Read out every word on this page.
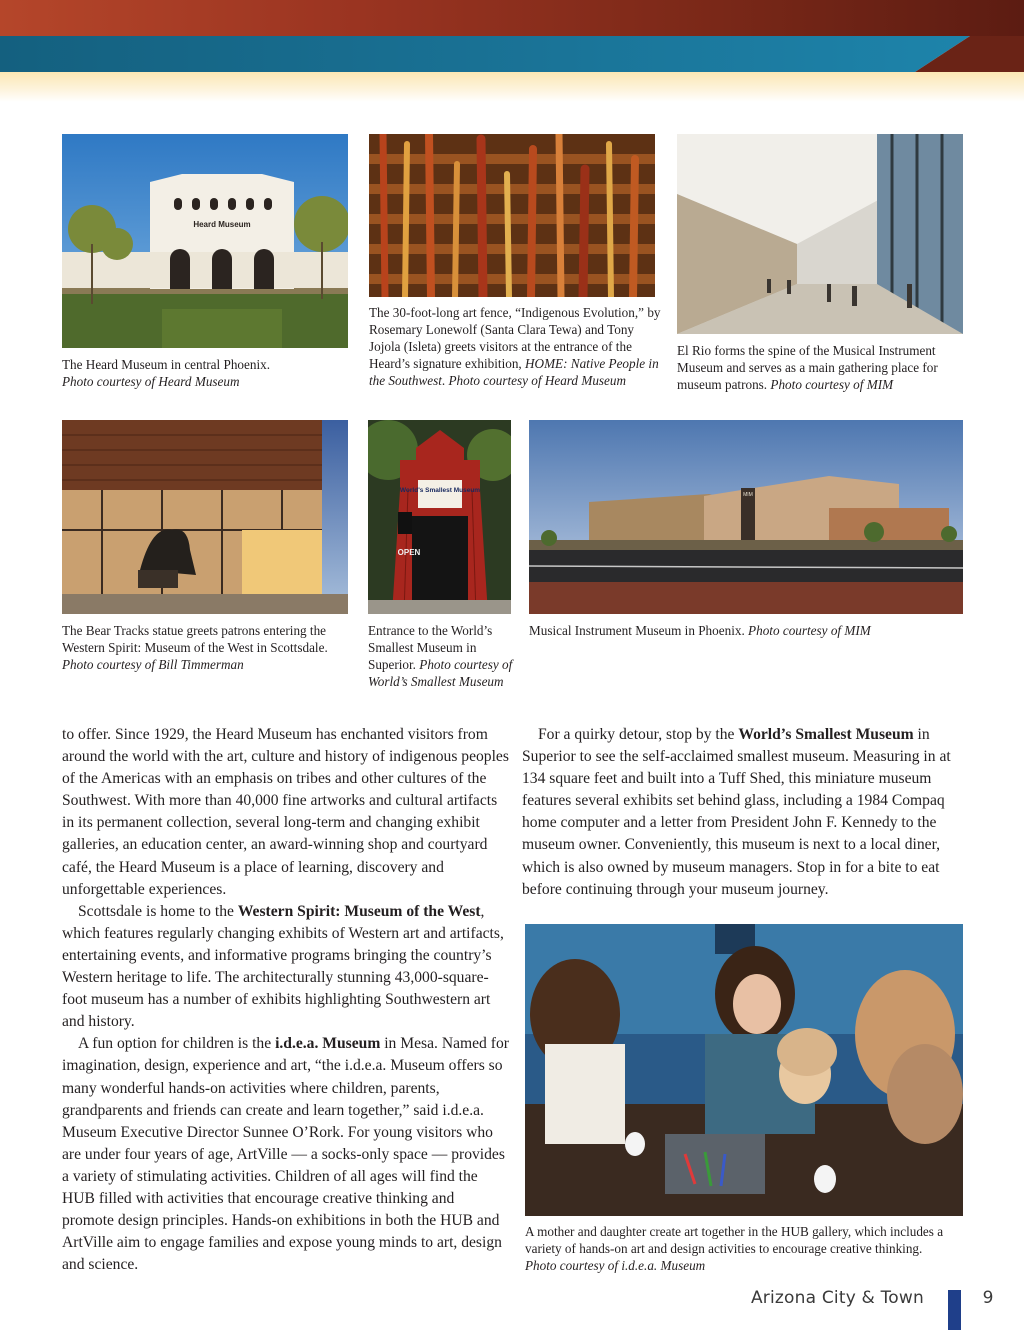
Heard Museum
The Heard Museum in central Phoenix.
Photo courtesy of Heard Museum
The 30-foot-long art fence, “Indigenous Evolution,” by Rosemary Lonewolf (Santa Clara Tewa) and Tony Jojola (Isleta) greets visitors at the entrance of the Heard’s signature exhibition, HOME: Native People in the Southwest. Photo courtesy of Heard Museum
El Rio forms the spine of the Musical Instrument Museum and serves as a main gathering place for museum patrons. Photo courtesy of MIM
The Bear Tracks statue greets patrons entering the Western Spirit: Museum of the West in Scottsdale.
Photo courtesy of Bill Timmerman
World's Smallest Museum
OPEN
Entrance to the World’s Smallest Museum in Superior. Photo courtesy of World’s Smallest Museum
MIM
Musical Instrument Museum in Phoenix. Photo courtesy of MIM

to offer. Since 1929, the Heard Museum has enchanted visitors from around the world with the art, culture and history of indigenous peoples of the Americas with an emphasis on tribes and other cultures of the Southwest. With more than 40,000 fine artworks and cultural artifacts in its permanent collection, several long-term and changing exhibit galleries, an education center, an award-winning shop and courtyard café, the Heard Museum is a place of learning, discovery and unforgettable experiences.

Scottsdale is home to the Western Spirit: Museum of the West, which features regularly changing exhibits of Western art and artifacts, entertaining events, and informative programs bringing the country’s Western heritage to life. The architecturally stunning 43,000-square-foot museum has a number of exhibits highlighting Southwestern art and history.

A fun option for children is the i.d.e.a. Museum in Mesa. Named for imagination, design, experience and art, “the i.d.e.a. Museum offers so many wonderful hands-on activities where children, parents, grandparents and friends can create and learn together,” said i.d.e.a. Museum Executive Director Sunnee O’Rork. For young visitors who are under four years of age, ArtVille — a socks-only space — provides a variety of stimulating activities. Children of all ages will find the HUB filled with activities that encourage creative thinking and promote design principles. Hands-on exhibitions in both the HUB and ArtVille aim to engage families and expose young minds to art, design and science.

For a quirky detour, stop by the World’s Smallest Museum in Superior to see the self-acclaimed smallest museum. Measuring in at 134 square feet and built into a Tuff Shed, this miniature museum features several exhibits set behind glass, including a 1984 Compaq home computer and a letter from President John F. Kennedy to the museum owner. Conveniently, this museum is next to a local diner, which is also owned by museum managers. Stop in for a bite to eat before continuing through your museum journey.

A mother and daughter create art together in the HUB gallery, which includes a variety of hands-on art and design activities to encourage creative thinking.
Photo courtesy of i.d.e.a. Museum
Arizona City & Town	9
